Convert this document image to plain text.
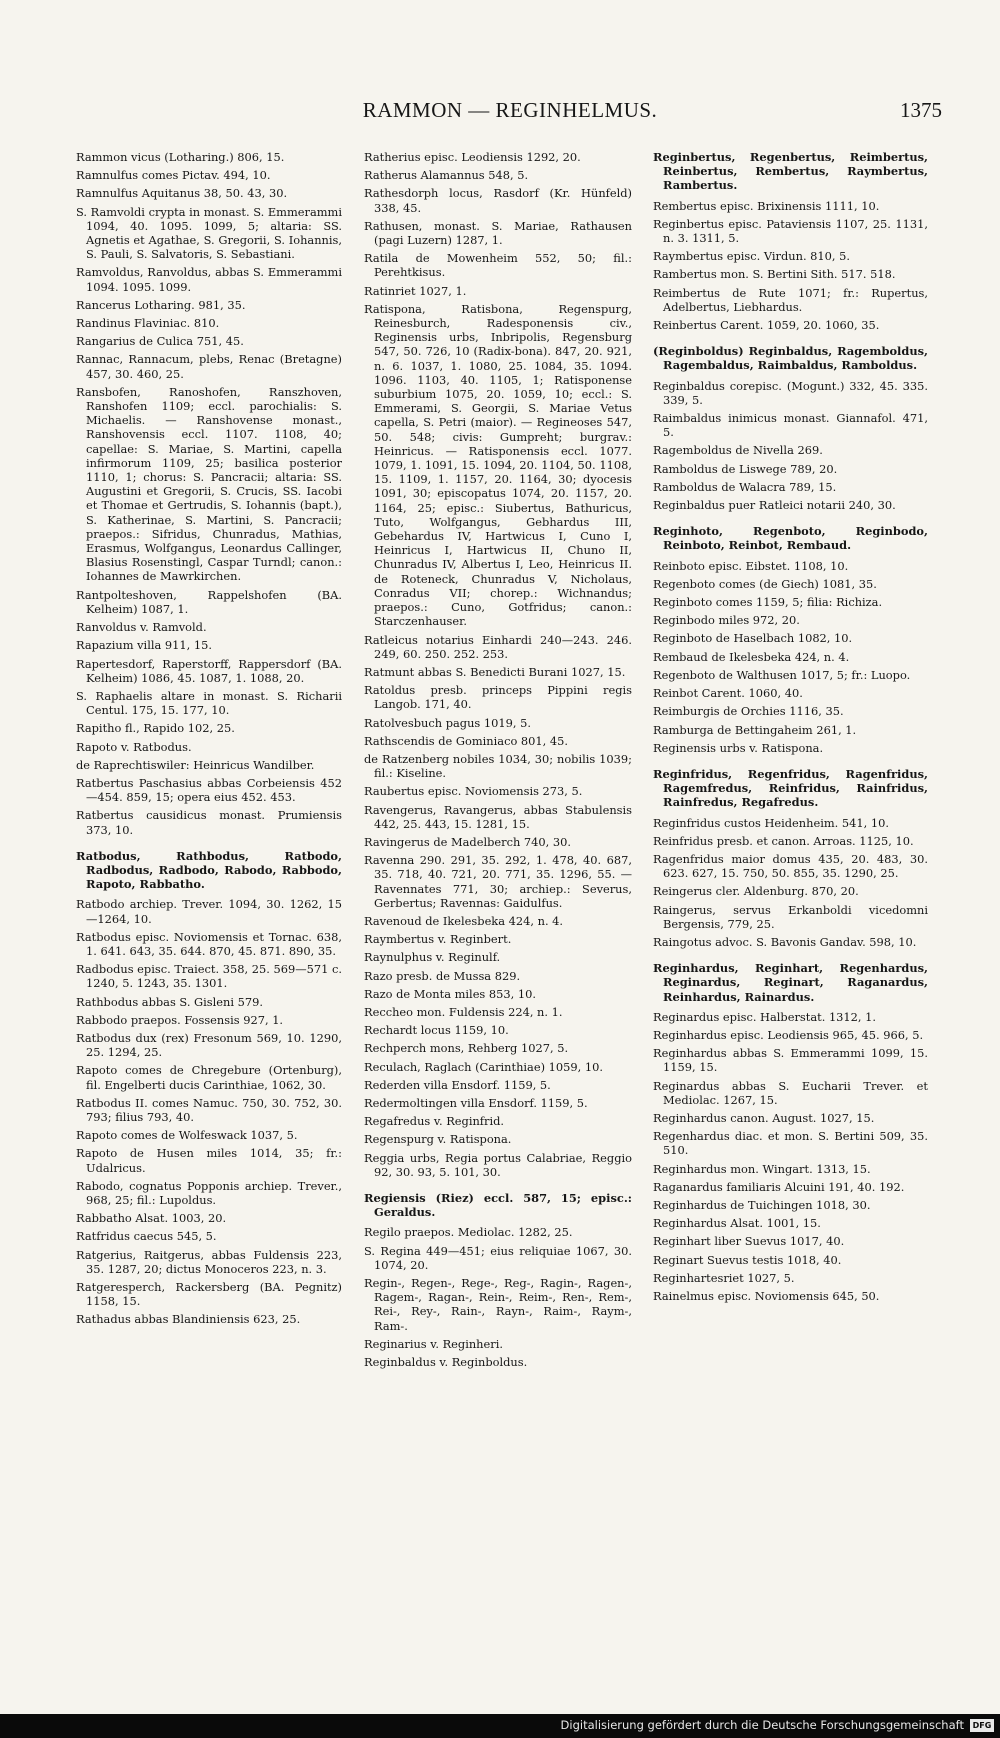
RAMMON — REGINHELMUS.	1375

Rammon vicus (Lotharing.) 806, 15.

Ramnulfus comes Pictav. 494, 10.

Ramnulfus Aquitanus 38, 50. 43, 30.

S. Ramvoldi crypta in monast. S. Emmerammi 1094, 40. 1095. 1099, 5; altaria: SS. Agnetis et Agathae, S. Gregorii, S. Iohannis, S. Pauli, S. Salvatoris, S. Sebastiani.

Ramvoldus, Ranvoldus, abbas S. Emmerammi 1094. 1095. 1099.

Rancerus Lotharing. 981, 35.

Randinus Flaviniac. 810.

Rangarius de Culica 751, 45.

Rannac, Rannacum, plebs, Renac (Bretagne) 457, 30. 460, 25.

Ransbofen, Ranoshofen, Ranszhoven, Ranshofen 1109; eccl. parochialis: S. Michaelis. — Ranshovense monast., Ranshovensis eccl. 1107. 1108, 40; capellae: S. Mariae, S. Martini, capella infirmorum 1109, 25; basilica posterior 1110, 1; chorus: S. Pancracii; altaria: SS. Augustini et Gregorii, S. Crucis, SS. Iacobi et Thomae et Gertrudis, S. Iohannis (bapt.), S. Katherinae, S. Martini, S. Pancracii; praepos.: Sifridus, Chunradus, Mathias, Erasmus, Wolfgangus, Leonardus Callinger, Blasius Rosenstingl, Caspar Turndl; canon.: Iohannes de Mawrkirchen.

Rantpolteshoven, Rappelshofen (BA. Kelheim) 1087, 1.

Ranvoldus v. Ramvold.

Rapazium villa 911, 15.

Rapertesdorf, Raperstorff, Rappersdorf (BA. Kelheim) 1086, 45. 1087, 1. 1088, 20.

S. Raphaelis altare in monast. S. Richarii Centul. 175, 15. 177, 10.

Rapitho fl., Rapido 102, 25.

Rapoto v. Ratbodus.

de Raprechtiswiler: Heinricus Wandilber.

Ratbertus Paschasius abbas Corbeiensis 452—454. 859, 15; opera eius 452. 453.

Ratbertus causidicus monast. Prumiensis 373, 10.

Ratbodus, Rathbodus, Ratbodo, Radbodus, Radbodo, Rabodo, Rabbodo, Rapoto, Rabbatho.

Ratbodo archiep. Trever. 1094, 30. 1262, 15—1264, 10.

Ratbodus episc. Noviomensis et Tornac. 638, 1. 641. 643, 35. 644. 870, 45. 871. 890, 35.

Radbodus episc. Traiect. 358, 25. 569—571 c. 1240, 5. 1243, 35. 1301.

Rathbodus abbas S. Gisleni 579.

Rabbodo praepos. Fossensis 927, 1.

Ratbodus dux (rex) Fresonum 569, 10. 1290, 25. 1294, 25.

Rapoto comes de Chregebure (Ortenburg), fil. Engelberti ducis Carinthiae, 1062, 30.

Ratbodus II. comes Namuc. 750, 30. 752, 30. 793; filius 793, 40.

Rapoto comes de Wolfeswack 1037, 5.

Rapoto de Husen miles 1014, 35; fr.: Udalricus.

Rabodo, cognatus Popponis archiep. Trever., 968, 25; fil.: Lupoldus.

Rabbatho Alsat. 1003, 20.

Ratfridus caecus 545, 5.

Ratgerius, Raitgerus, abbas Fuldensis 223, 35. 1287, 20; dictus Monoceros 223, n. 3.

Ratgeresperch, Rackersberg (BA. Pegnitz) 1158, 15.

Rathadus abbas Blandiniensis 623, 25.

Ratherius episc. Leodiensis 1292, 20.

Ratherus Alamannus 548, 5.

Rathesdorph locus, Rasdorf (Kr. Hünfeld) 338, 45.

Rathusen, monast. S. Mariae, Rathausen (pagi Luzern) 1287, 1.

Ratila de Mowenheim 552, 50; fil.: Perehtkisus.

Ratinriet 1027, 1.

Ratispona, Ratisbona, Regenspurg, Reinesburch, Radesponensis civ., Reginensis urbs, Inbripolis, Regensburg 547, 50. 726, 10 (Radix-bona). 847, 20. 921, n. 6. 1037, 1. 1080, 25. 1084, 35. 1094. 1096. 1103, 40. 1105, 1; Ratisponense suburbium 1075, 20. 1059, 10; eccl.: S. Emmerami, S. Georgii, S. Mariae Vetus capella, S. Petri (maior). — Regineoses 547, 50. 548; civis: Gumpreht; burgrav.: Heinricus. — Ratisponensis eccl. 1077. 1079, 1. 1091, 15. 1094, 20. 1104, 50. 1108, 15. 1109, 1. 1157, 20. 1164, 30; dyocesis 1091, 30; episcopatus 1074, 20. 1157, 20. 1164, 25; episc.: Siubertus, Bathuricus, Tuto, Wolfgangus, Gebhardus III, Gebehardus IV, Hartwicus I, Cuno I, Heinricus I, Hartwicus II, Chuno II, Chunradus IV, Albertus I, Leo, Heinricus II. de Roteneck, Chunradus V, Nicholaus, Conradus VII; chorep.: Wichnandus; praepos.: Cuno, Gotfridus; canon.: Starczenhauser.

Ratleicus notarius Einhardi 240—243. 246. 249, 60. 250. 252. 253.

Ratmunt abbas S. Benedicti Burani 1027, 15.

Ratoldus presb. princeps Pippini regis Langob. 171, 40.

Ratolvesbuch pagus 1019, 5.

Rathscendis de Gominiaco 801, 45.

de Ratzenberg nobiles 1034, 30; nobilis 1039; fil.: Kiseline.

Raubertus episc. Noviomensis 273, 5.

Ravengerus, Ravangerus, abbas Stabulensis 442, 25. 443, 15. 1281, 15.

Ravingerus de Madelberch 740, 30.

Ravenna 290. 291, 35. 292, 1. 478, 40. 687, 35. 718, 40. 721, 20. 771, 35. 1296, 55. — Ravennates 771, 30; archiep.: Severus, Gerbertus; Ravennas: Gaidulfus.

Ravenoud de Ikelesbeka 424, n. 4.

Raymbertus v. Reginbert.

Raynulphus v. Reginulf.

Razo presb. de Mussa 829.

Razo de Monta miles 853, 10.

Reccheo mon. Fuldensis 224, n. 1.

Rechardt locus 1159, 10.

Rechperch mons, Rehberg 1027, 5.

Reculach, Raglach (Carinthiae) 1059, 10.

Rederden villa Ensdorf. 1159, 5.

Redermoltingen villa Ensdorf. 1159, 5.

Regafredus v. Reginfrid.

Regenspurg v. Ratispona.

Reggia urbs, Regia portus Calabriae, Reggio 92, 30. 93, 5. 101, 30.

Regiensis (Riez) eccl. 587, 15; episc.: Geraldus.

Regilo praepos. Mediolac. 1282, 25.

S. Regina 449—451; eius reliquiae 1067, 30. 1074, 20.

Regin-, Regen-, Rege-, Reg-, Ragin-, Ragen-, Ragem-, Ragan-, Rein-, Reim-, Ren-, Rem-, Rei-, Rey-, Rain-, Rayn-, Raim-, Raym-, Ram-.

Reginarius v. Reginheri.

Reginbaldus v. Reginboldus.

Reginbertus, Regenbertus, Reimbertus, Reinbertus, Rembertus, Raymbertus, Rambertus.

Rembertus episc. Brixinensis 1111, 10.

Reginbertus episc. Pataviensis 1107, 25. 1131, n. 3. 1311, 5.

Raymbertus episc. Virdun. 810, 5.

Rambertus mon. S. Bertini Sith. 517. 518.

Reimbertus de Rute 1071; fr.: Rupertus, Adelbertus, Liebhardus.

Reinbertus Carent. 1059, 20. 1060, 35.

(Reginboldus) Reginbaldus, Ragemboldus, Ragembaldus, Raimbaldus, Ramboldus.

Reginbaldus corepisc. (Mogunt.) 332, 45. 335. 339, 5.

Raimbaldus inimicus monast. Giannafol. 471, 5.

Ragemboldus de Nivella 269.

Ramboldus de Liswege 789, 20.

Ramboldus de Walacra 789, 15.

Reginbaldus puer Ratleici notarii 240, 30.

Reginhoto, Regenboto, Reginbodo, Reinboto, Reinbot, Rembaud.

Reinboto episc. Eibstet. 1108, 10.

Regenboto comes (de Giech) 1081, 35.

Reginboto comes 1159, 5; filia: Richiza.

Reginbodo miles 972, 20.

Reginboto de Haselbach 1082, 10.

Rembaud de Ikelesbeka 424, n. 4.

Regenboto de Walthusen 1017, 5; fr.: Luopo.

Reinbot Carent. 1060, 40.

Reimburgis de Orchies 1116, 35.

Ramburga de Bettingaheim 261, 1.

Reginensis urbs v. Ratispona.

Reginfridus, Regenfridus, Ragenfridus, Ragemfredus, Reinfridus, Rainfridus, Rainfredus, Regafredus.

Reginfridus custos Heidenheim. 541, 10.

Reinfridus presb. et canon. Arroas. 1125, 10.

Ragenfridus maior domus 435, 20. 483, 30. 623. 627, 15. 750, 50. 855, 35. 1290, 25.

Reingerus cler. Aldenburg. 870, 20.

Raingerus, servus Erkanboldi vicedomni Bergensis, 779, 25.

Raingotus advoc. S. Bavonis Gandav. 598, 10.

Reginhardus, Reginhart, Regenhardus, Reginardus, Reginart, Raganardus, Reinhardus, Rainardus.

Reginardus episc. Halberstat. 1312, 1.

Reginhardus episc. Leodiensis 965, 45. 966, 5.

Reginhardus abbas S. Emmerammi 1099, 15. 1159, 15.

Reginardus abbas S. Eucharii Trever. et Mediolac. 1267, 15.

Reginhardus canon. August. 1027, 15.

Regenhardus diac. et mon. S. Bertini 509, 35. 510.

Reginhardus mon. Wingart. 1313, 15.

Raganardus familiaris Alcuini 191, 40. 192.

Reginhardus de Tuichingen 1018, 30.

Reginhardus Alsat. 1001, 15.

Reginhart liber Suevus 1017, 40.

Reginart Suevus testis 1018, 40.

Reginhartesriet 1027, 5.

Rainelmus episc. Noviomensis 645, 50.

Digitalisierung gefördert durch die Deutsche Forschungsgemeinschaft	DFG
